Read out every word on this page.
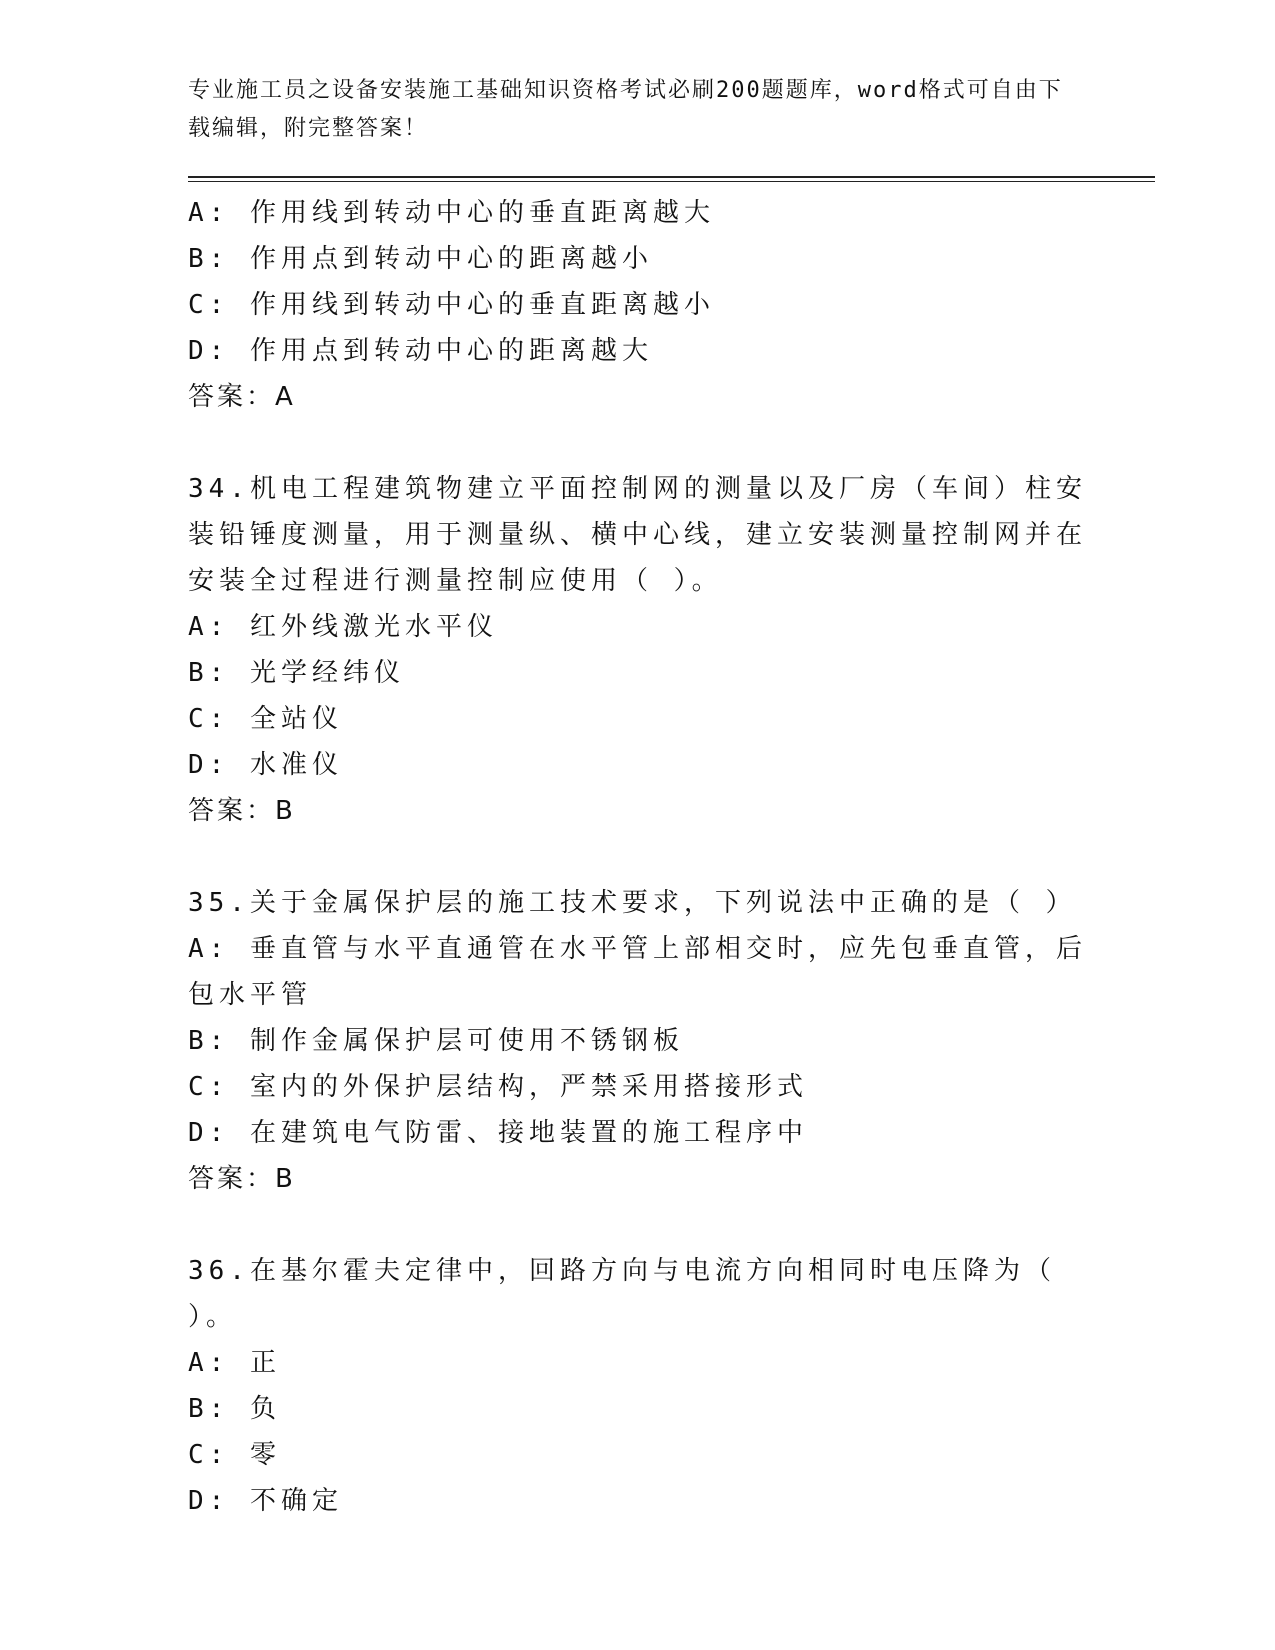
专业施工员之设备安装施工基础知识资格考试必刷200题题库，word格式可自由下载编辑，附完整答案！
A: 作用线到转动中心的垂直距离越大
B: 作用点到转动中心的距离越小
C: 作用线到转动中心的垂直距离越小
D: 作用点到转动中心的距离越大
答案：A
34.机电工程建筑物建立平面控制网的测量以及厂房（车间）柱安装铅锤度测量，用于测量纵、横中心线，建立安装测量控制网并在安装全过程进行测量控制应使用（ ）。
A: 红外线激光水平仪
B: 光学经纬仪
C: 全站仪
D: 水准仪
答案：B
35.关于金属保护层的施工技术要求，下列说法中正确的是（ ）
A: 垂直管与水平直通管在水平管上部相交时，应先包垂直管，后包水平管
B: 制作金属保护层可使用不锈钢板
C: 室内的外保护层结构，严禁采用搭接形式
D: 在建筑电气防雷、接地装置的施工程序中
答案：B
36.在基尔霍夫定律中，回路方向与电流方向相同时电压降为（ ）。
A: 正
B: 负
C: 零
D: 不确定
